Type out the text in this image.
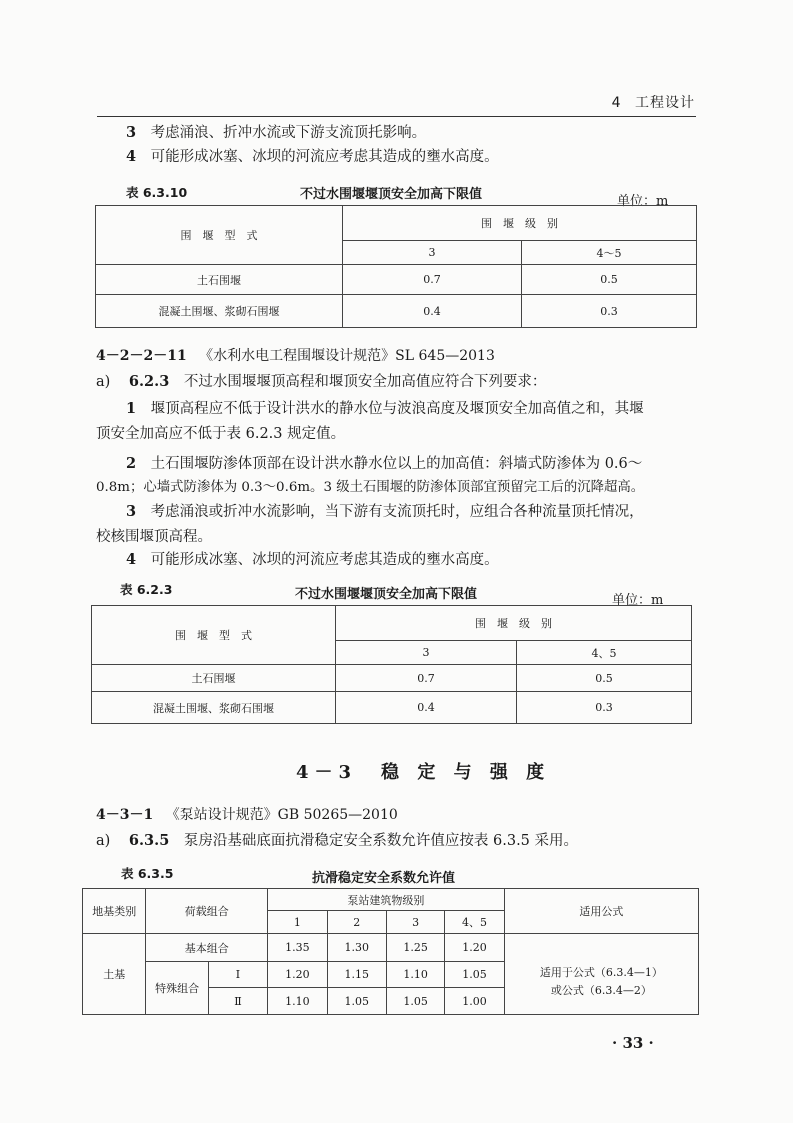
4 工程设计
3　 考虑涌浪、折冲水流或下游支流顶托影响。
4　 可能形成冰塞、冰坝的河流应考虑其造成的壅水高度。
表 6.3.10	不过水围堰堰顶安全加高下限值	单位：m
围　堰　型　式	围　堰　级　别	
	3	4～5
土石围堰	0.7	0.5
混凝土围堰、浆砌石围堰	0.4	0.3
4－2－2－11 《水利水电工程围堰设计规范》SL 645—2013
a) 6.2.3 不过水围堰堰顶高程和堰顶安全加高值应符合下列要求：
1　 堰顶高程应不低于设计洪水的静水位与波浪高度及堰顶安全加高值之和，其堰
顶安全加高应不低于表 6.2.3 规定值。
2　 土石围堰防渗体顶部在设计洪水静水位以上的加高值：斜墙式防渗体为 0.6～
0.8m；心墙式防渗体为 0.3～0.6m。3 级土石围堰的防渗体顶部宜预留完工后的沉降超高。
3　 考虑涌浪或折冲水流影响，当下游有支流顶托时，应组合各种流量顶托情况，
校核围堰顶高程。
4　 可能形成冰塞、冰坝的河流应考虑其造成的壅水高度。
表 6.2.3	不过水围堰堰顶安全加高下限值	单位：m
围　堰　型　式	围　堰　级　别	
	3	4、5
土石围堰	0.7	0.5
混凝土围堰、浆砌石围堰	0.4	0.3
4－3　稳 定 与 强 度
4－3－1 《泵站设计规范》GB 50265—2010
a) 6.3.5 泵房沿基础底面抗滑稳定安全系数允许值应按表 6.3.5 采用。
表 6.3.5	抗滑稳定安全系数允许值
地基类别	荷载组合		泵站建筑物级别				适用公式
			1	2	3	4、5	
土基	基本组合		1.35	1.30	1.25	1.20	
	特殊组合	Ⅰ	1.20	1.15	1.10	1.05	适用于公式（6.3.4—1）
或公式（6.3.4—2）

		Ⅱ	1.10	1.05	1.05	1.00	
· 33 ·
